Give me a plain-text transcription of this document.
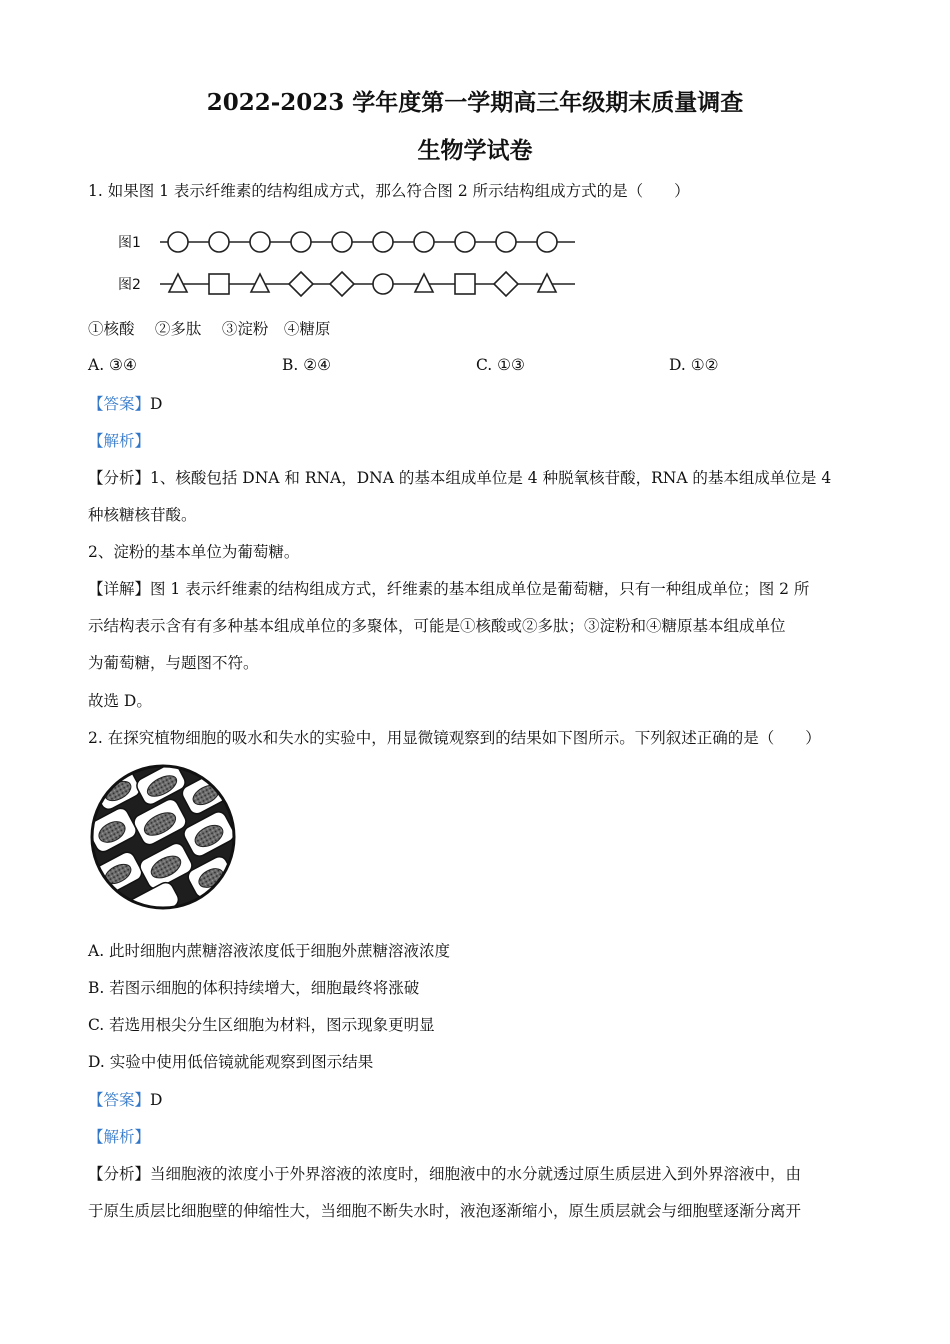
2022-2023 学年度第一学期高三年级期末质量调查
生物学试卷
1. 如果图 1 表示纤维素的结构组成方式，那么符合图 2 所示结构组成方式的是（　　）
图1
图2
①核酸　 ②多肽　 ③淀粉　④糖原
A. ③④	B. ②④	C. ①③	D. ①②
【答案】D
【解析】
【分析】1、核酸包括 DNA 和 RNA，DNA 的基本组成单位是 4 种脱氧核苷酸，RNA 的基本组成单位是 4
种核糖核苷酸。
2、淀粉的基本单位为葡萄糖。
【详解】图 1 表示纤维素的结构组成方式，纤维素的基本组成单位是葡萄糖，只有一种组成单位；图 2 所
示结构表示含有有多种基本组成单位的多聚体，可能是①核酸或②多肽；③淀粉和④糖原基本组成单位
为葡萄糖，与题图不符。
故选 D。
2. 在探究植物细胞的吸水和失水的实验中，用显微镜观察到的结果如下图所示。下列叙述正确的是（　　）
A. 此时细胞内蔗糖溶液浓度低于细胞外蔗糖溶液浓度
B. 若图示细胞的体积持续增大，细胞最终将涨破
C. 若选用根尖分生区细胞为材料，图示现象更明显
D. 实验中使用低倍镜就能观察到图示结果
【答案】D
【解析】
【分析】当细胞液的浓度小于外界溶液的浓度时，细胞液中的水分就透过原生质层进入到外界溶液中，由
于原生质层比细胞壁的伸缩性大，当细胞不断失水时，液泡逐渐缩小，原生质层就会与细胞壁逐渐分离开
